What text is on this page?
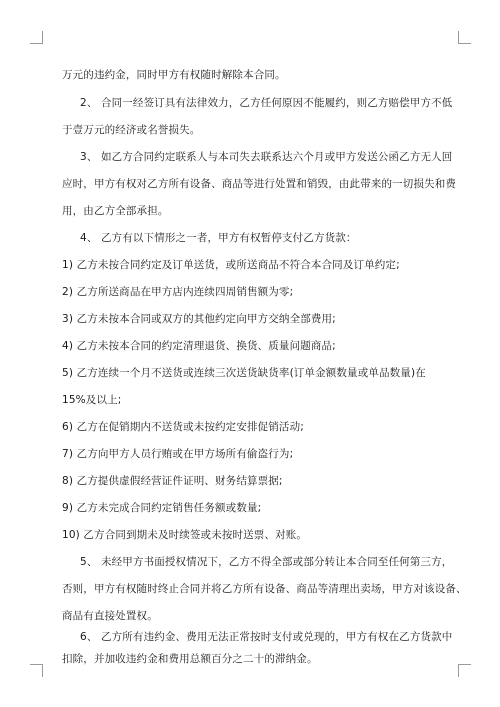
万元的违约金，同时甲方有权随时解除本合同。
2、 合同一经签订具有法律效力，乙方任何原因不能履约，则乙方赔偿甲方不低
于壹万元的经济或名誉损失。
3、 如乙方合同约定联系人与本司失去联系达六个月或甲方发送公函乙方无人回
应时，甲方有权对乙方所有设备、商品等进行处置和销毁，由此带来的一切损失和费
用，由乙方全部承担。
4、 乙方有以下情形之一者，甲方有权暂停支付乙方货款：
1) 乙方未按合同约定及订单送货，或所送商品不符合本合同及订单约定;
2) 乙方所送商品在甲方店内连续四周销售额为零;
3) 乙方未按本合同或双方的其他约定向甲方交纳全部费用;
4) 乙方未按本合同的约定清理退货、换货、质量问题商品;
5) 乙方连续一个月不送货或连续三次送货缺货率(订单金额数量或单品数量)在
15%及以上;
6) 乙方在促销期内不送货或未按约定安排促销活动;
7) 乙方向甲方人员行贿或在甲方场所有偷盗行为;
8) 乙方提供虚假经营证件证明、财务结算票据;
9) 乙方未完成合同约定销售任务额或数量;
10) 乙方合同到期未及时续签或未按时送票、对账。
5、 未经甲方书面授权情况下，乙方不得全部或部分转让本合同至任何第三方，
否则，甲方有权随时终止合同并将乙方所有设备、商品等清理出卖场，甲方对该设备、
商品有直接处置权。
6、 乙方所有违约金、费用无法正常按时支付或兑现的，甲方有权在乙方货款中
扣除，并加收违约金和费用总额百分之二十的滞纳金。
